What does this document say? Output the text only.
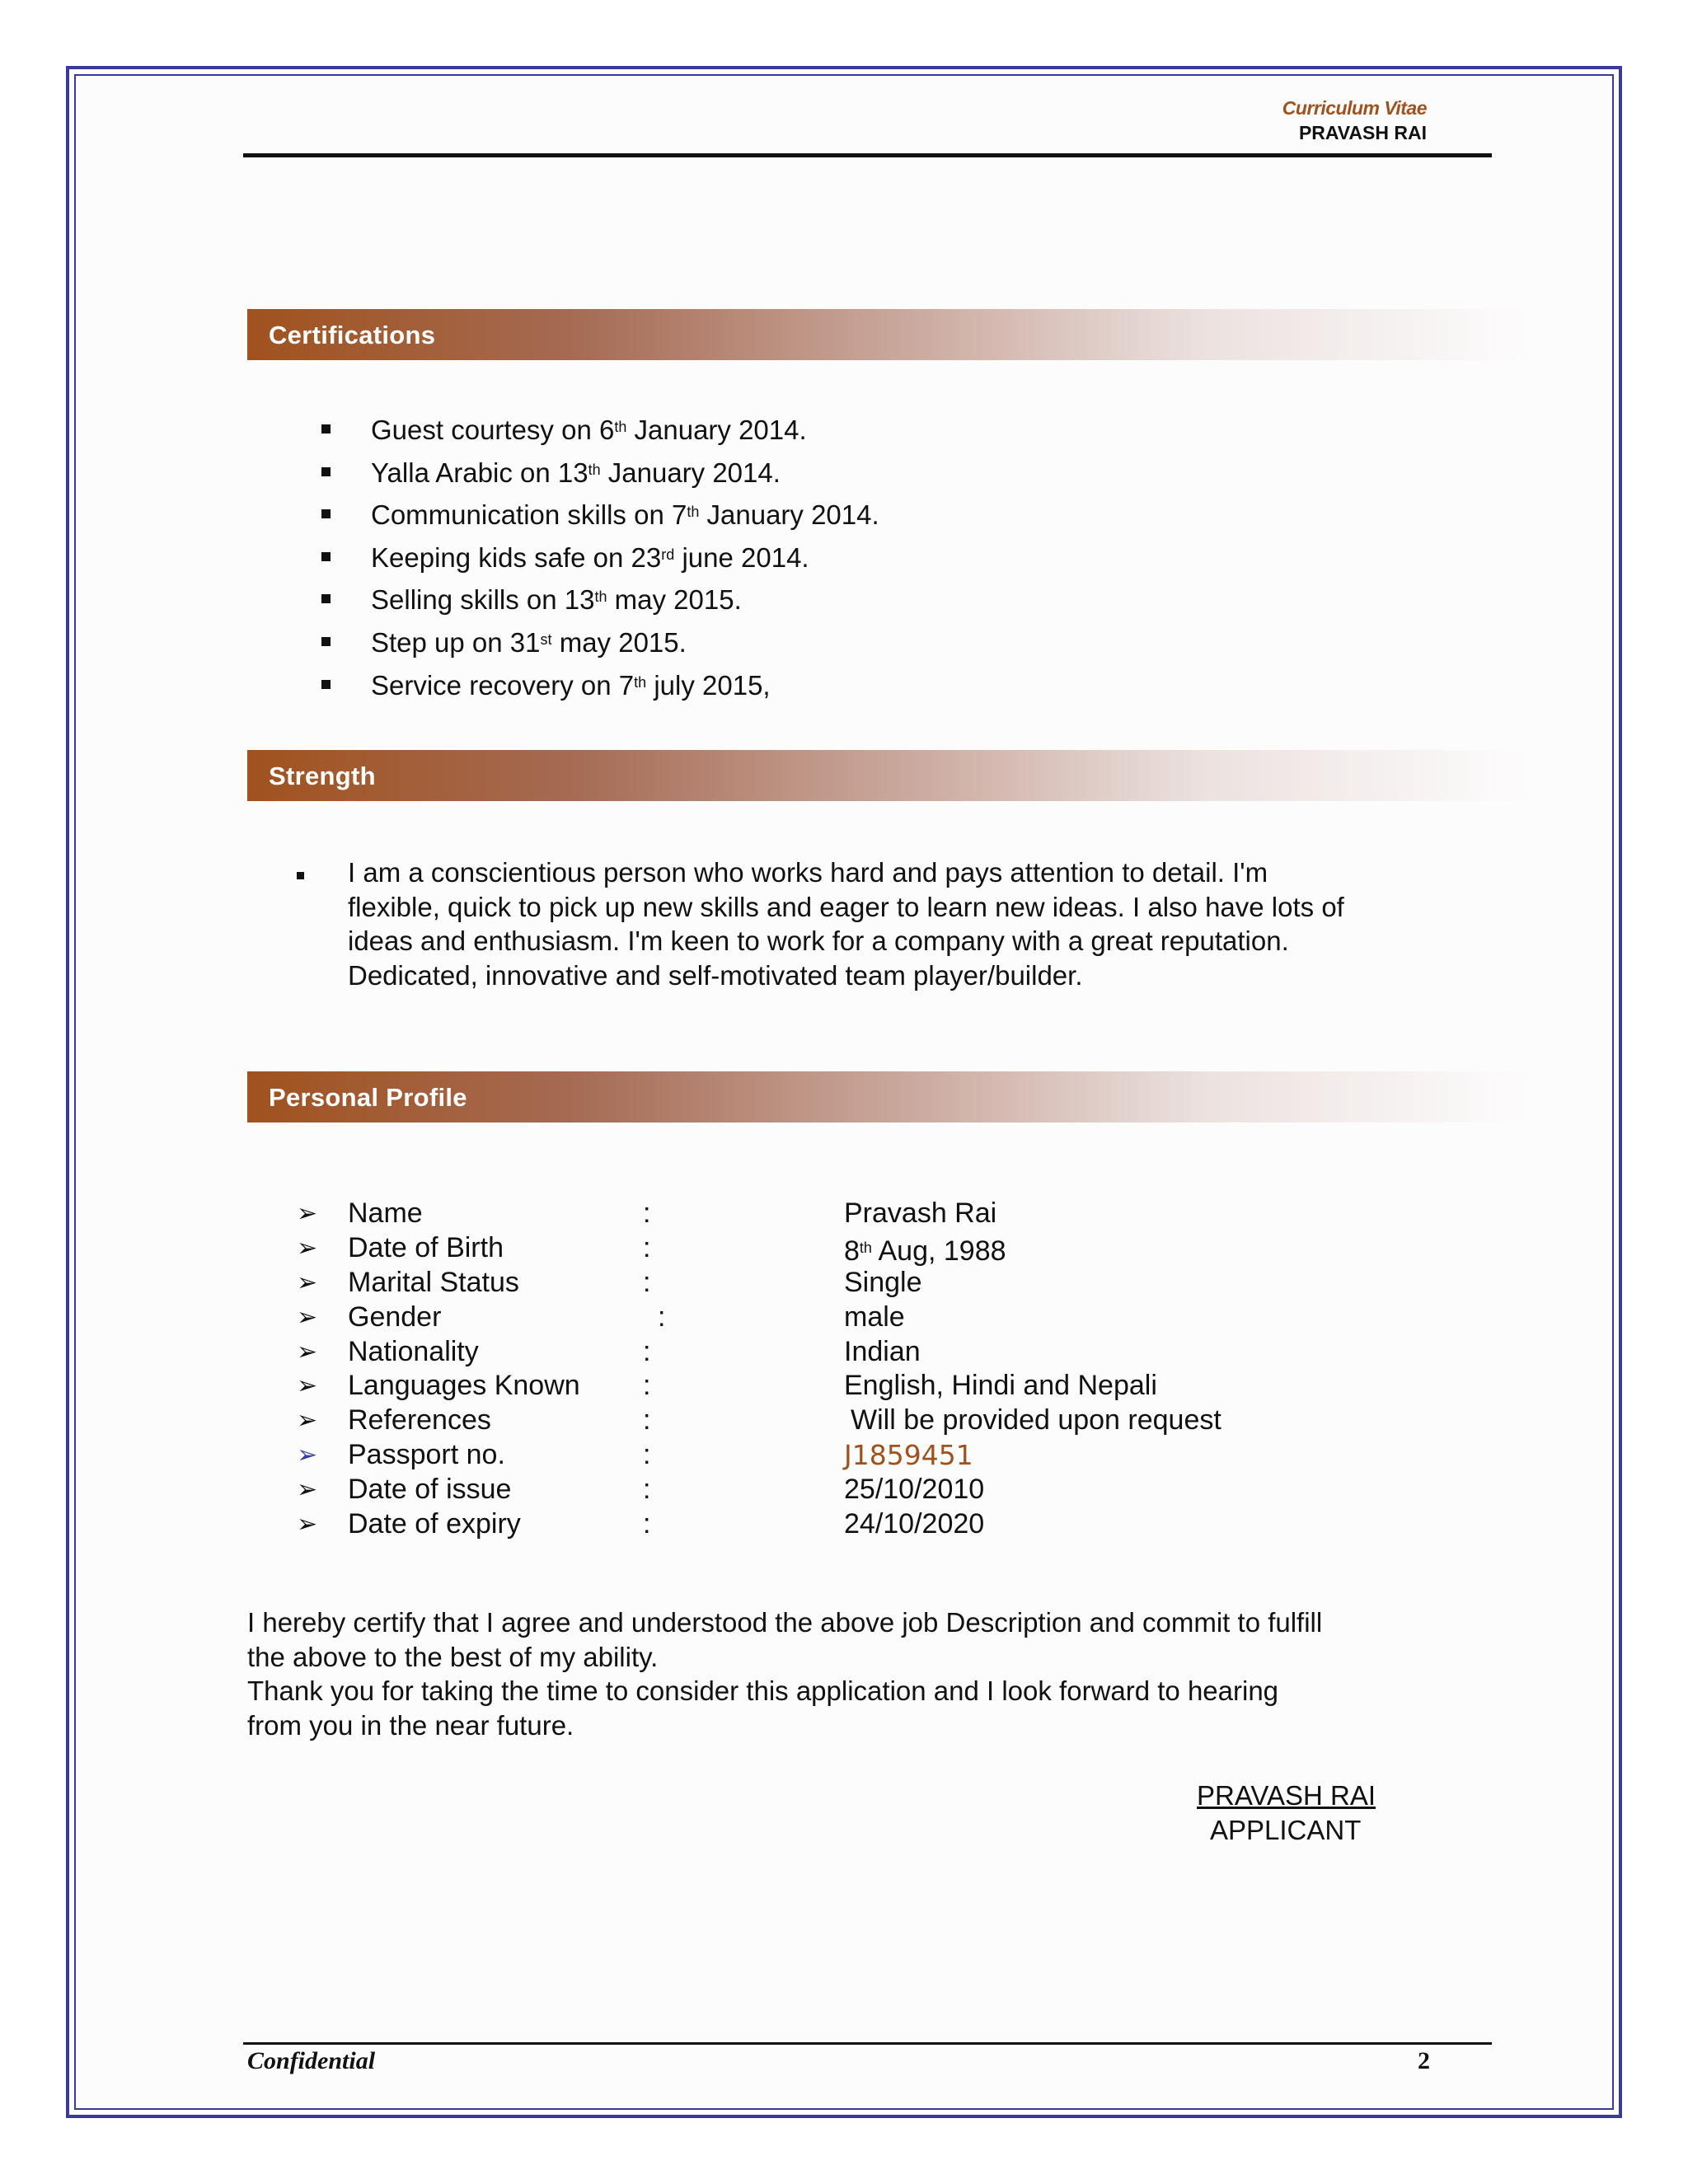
Curriculum Vitae
PRAVASH RAI
Certifications
Guest courtesy on 6th January 2014.
Yalla Arabic on 13th January 2014.
Communication skills on 7th January 2014.
Keeping kids safe on 23rd june 2014.
Selling skills on 13th may 2015.
Step up on 31st may 2015.
Service recovery on 7th july 2015,
Strength

I am a conscientious person who works hard and pays attention to detail. I'm
flexible, quick to pick up new skills and eager to learn new ideas. I also have lots of
ideas and enthusiasm. I'm keen to work for a company with a great reputation.
Dedicated, innovative and self-motivated team player/builder.

Personal Profile
➢ Name	:	Pravash Rai
➢ Date of Birth	:	8th Aug, 1988
➢ Marital Status	:	Single
➢ Gender	:	male
➢ Nationality	:	Indian
➢ Languages Known :	English, Hindi and Nepali
➢ References	:	Will be provided upon request
➢ Passport no.	:	J1859451
➢ Date of issue	:	25/10/2010
➢ Date of expiry	:	24/10/2020

I hereby certify that I agree and understood the above job Description and commit to fulfill

the above to the best of my ability.

Thank you for taking the time to consider this application and I look forward to hearing

from you in the near future.

PRAVASH RAI
APPLICANT
Confidential	2
